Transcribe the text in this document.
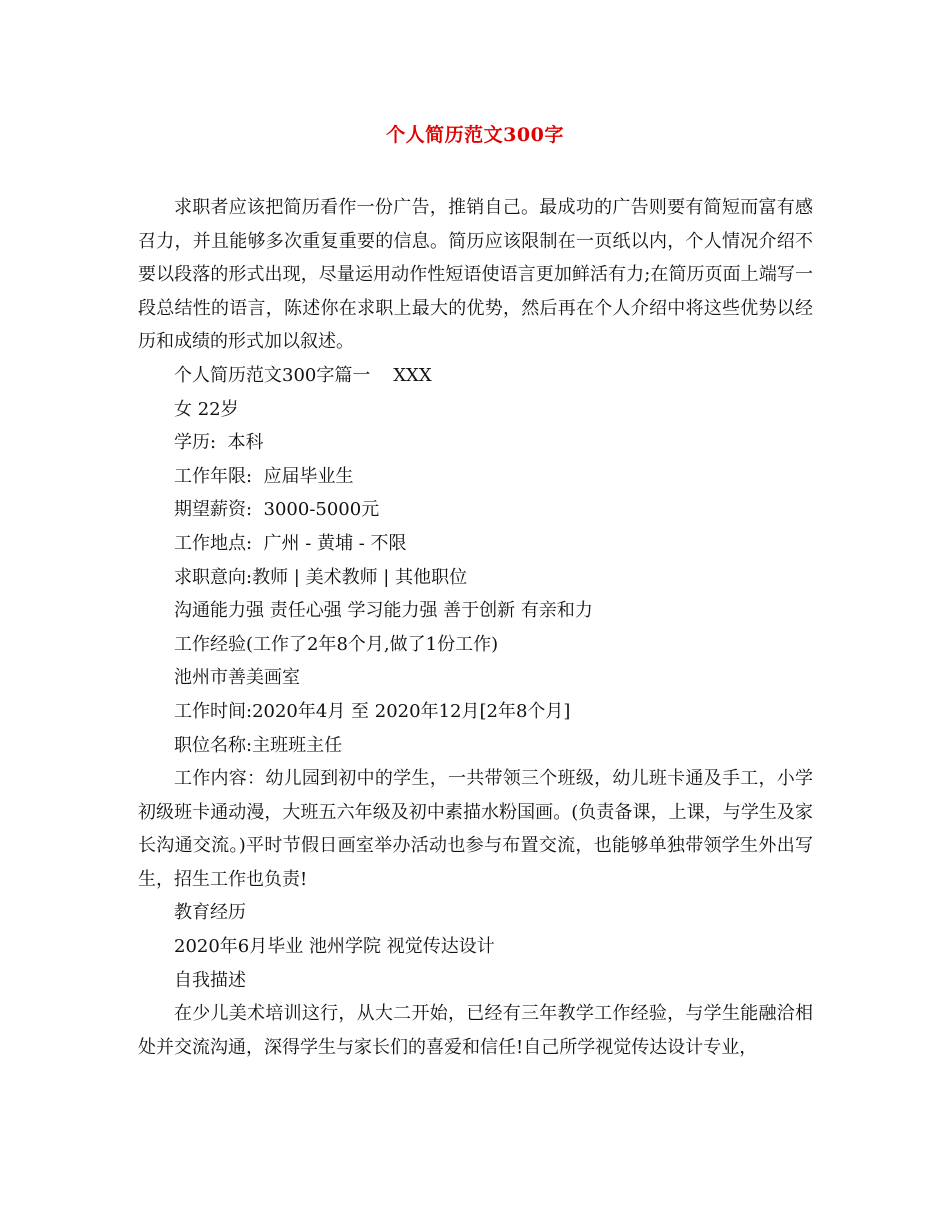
个人简历范文300字

求职者应该把简历看作一份广告，推销自己。最成功的广告则要有简短而富有感召力，并且能够多次重复重要的信息。简历应该限制在一页纸以内，个人情况介绍不要以段落的形式出现，尽量运用动作性短语使语言更加鲜活有力;在简历页面上端写一段总结性的语言，陈述你在求职上最大的优势，然后再在个人介绍中将这些优势以经历和成绩的形式加以叙述。

个人简历范文300字篇一    XXX

女 22岁

学历:  本科

工作年限:  应届毕业生

期望薪资:  3000-5000元

工作地点:  广州 - 黄埔 - 不限

求职意向:教师 | 美术教师 | 其他职位

沟通能力强 责任心强 学习能力强 善于创新 有亲和力

工作经验(工作了2年8个月,做了1份工作)

池州市善美画室

工作时间:2020年4月 至 2020年12月[2年8个月]

职位名称:主班班主任

工作内容：幼儿园到初中的学生，一共带领三个班级，幼儿班卡通及手工，小学初级班卡通动漫，大班五六年级及初中素描水粉国画。(负责备课，上课，与学生及家长沟通交流。)平时节假日画室举办活动也参与布置交流，也能够单独带领学生外出写生，招生工作也负责!

教育经历

2020年6月毕业 池州学院 视觉传达设计

自我描述

在少儿美术培训这行，从大二开始，已经有三年教学工作经验，与学生能融洽相处并交流沟通，深得学生与家长们的喜爱和信任!自己所学视觉传达设计专业，
